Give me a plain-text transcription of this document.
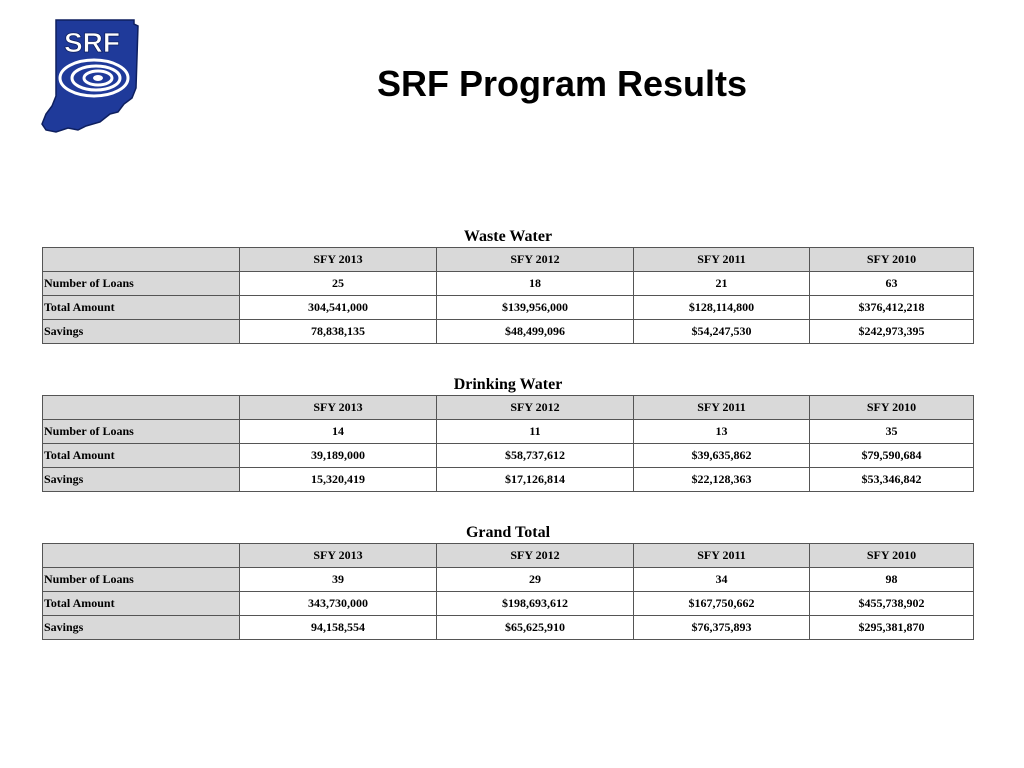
SRF
SRF Program Results
Waste Water
	SFY 2013	SFY 2012	SFY 2011	SFY 2010
Number of Loans	25	18	21	63
Total Amount	304,541,000	$139,956,000	$128,114,800	$376,412,218
Savings	78,838,135	$48,499,096	$54,247,530	$242,973,395
Drinking Water
	SFY 2013	SFY 2012	SFY 2011	SFY 2010
Number of Loans	14	11	13	35
Total Amount	39,189,000	$58,737,612	$39,635,862	$79,590,684
Savings	15,320,419	$17,126,814	$22,128,363	$53,346,842
Grand Total
	SFY 2013	SFY 2012	SFY 2011	SFY 2010
Number of Loans	39	29	34	98
Total Amount	343,730,000	$198,693,612	$167,750,662	$455,738,902
Savings	94,158,554	$65,625,910	$76,375,893	$295,381,870
